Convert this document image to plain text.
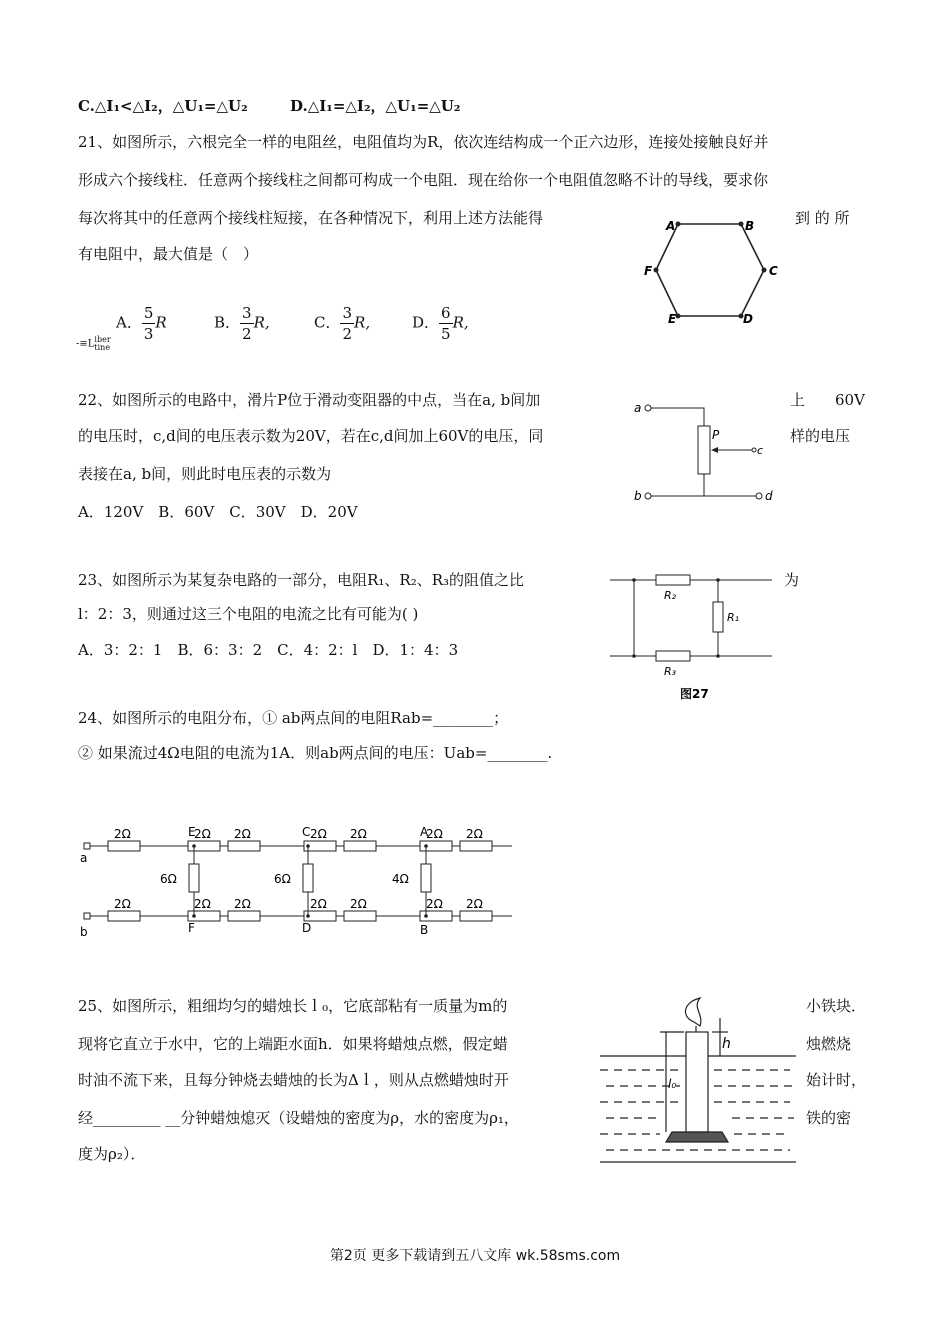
C.△I₁<△I₂，△U₁=△U₂	D.△I₁=△I₂，△U₁=△U₂
21、如图所示，六根完全一样的电阻丝，电阻值均为R，依次连结构成一个正六边形，连接处接触良好并
形成六个接线柱．任意两个接线柱之间都可构成一个电阻．现在给你一个电阻值忽略不计的导线，要求你
每次将其中的任意两个接线柱短接，在各种情况下，利用上述方法能得	到 的 所
有电阻中，最大值是（　）
A	B
C
D
E
F
-≡L iber
tine
A． $\frac{5}{3}$ R	B． $\frac{3}{2} R$,	C． $\frac{3}{2} R$,	D． $\frac{6}{5} R$,
22、如图所示的电路中，滑片P位于滑动变阻器的中点，当在a, b间加	上　　60V
的电压时，c,d间的电压表示数为20V，若在c,d间加上60V的电压，同	样的电压
表接在a, b间，则此时电压表的示数为
A．120V　B．60V　C．30V　D．20V
a
b
c
d
P
23、如图所示为某复杂电路的一部分，电阻R₁、R₂、R₃的阻值之比	为
l：2：3，则通过这三个电阻的电流之比有可能为( )
A．3：2：1　B．6：3：2　C．4：2：l　D．1：4：3
R₂
R₁
R₃
图27
24、如图所示的电阻分布，① ab两点间的电阻Rab=________；
② 如果流过4Ω电阻的电流为1A．则ab两点间的电压：Uab=________.
2Ω
2Ω
2Ω
2Ω
2Ω
2Ω
2Ω
2Ω
2Ω
2Ω
2Ω
2Ω
2Ω
2Ω
6Ω	6Ω	4Ω
E	C	A
F	D	B
a
b
25、如图所示，粗细均匀的蜡烛长ｌ₀，它底部粘有一质量为m的	小铁块．
现将它直立于水中，它的上端距水面h．如果将蜡烛点燃，假定蜡	烛燃烧
时油不流下来，且每分钟烧去蜡烛的长为Δｌ，则从点燃蜡烛时开	始计时，
经_________ __分钟蜡烛熄灭（设蜡烛的密度为ρ，水的密度为ρ₁，	铁的密
度为ρ₂）．
h
l₀
第2页 更多下载请到五八文库 wk.58sms.com
